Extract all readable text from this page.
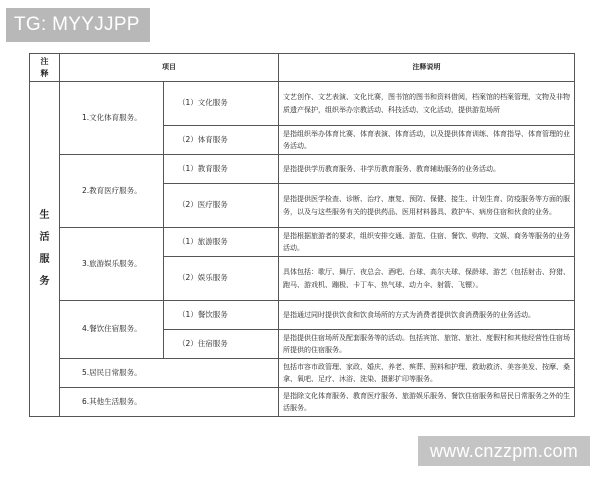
TG: MYYJJPP
注
释	项目		注释说明

生
活
服
务	1.文化体育服务。	（1）文化服务	文艺创作、文艺表演、文化比赛，图书馆的图书和资料借阅，档案馆的档案管理，文物及非物质遗产保护，组织举办宗教活动、科技活动、文化活动，提供游览场所
		（2）体育服务	是指组织举办体育比赛、体育表演、体育活动，以及提供体育训练、体育指导、体育管理的业务活动。
	2.教育医疗服务。	（1）教育服务	是指提供学历教育服务、非学历教育服务、教育辅助服务的业务活动。
		（2）医疗服务	是指提供医学检查、诊断、治疗、康复、预防、保健、接生、计划生育、防疫服务等方面的服务，以及与这些服务有关的提供药品、医用材料器具、救护车、病房住宿和伙食的业务。
	3.旅游娱乐服务。	（1）旅游服务	是指根据旅游者的要求，组织安排交通、游览、住宿、餐饮、购物、文娱、商务等服务的业务活动。
		（2）娱乐服务	具体包括：歌厅、舞厅、夜总会、酒吧、台球、高尔夫球、保龄球、游艺（包括射击、狩猎、跑马、游戏机、蹦极、卡丁车、热气球、动力伞、射箭、飞镖）。
	4.餐饮住宿服务。	（1）餐饮服务	是指通过同时提供饮食和饮食场所的方式为消费者提供饮食消费服务的业务活动。
		（2）住宿服务	是指提供住宿场所及配套服务等的活动。包括宾馆、旅馆、旅社、度假村和其他经营性住宿场所提供的住宿服务。
	5.居民日常服务。		包括市容市政管理、家政、婚庆、养老、殡葬、照料和护理、救助救济、美容美发、按摩、桑拿、氧吧、足疗、沐浴、洗染、摄影扩印等服务。
	6.其他生活服务。		是指除文化体育服务、教育医疗服务、旅游娱乐服务、餐饮住宿服务和居民日常服务之外的生活服务。
www.cnzzpm.com
